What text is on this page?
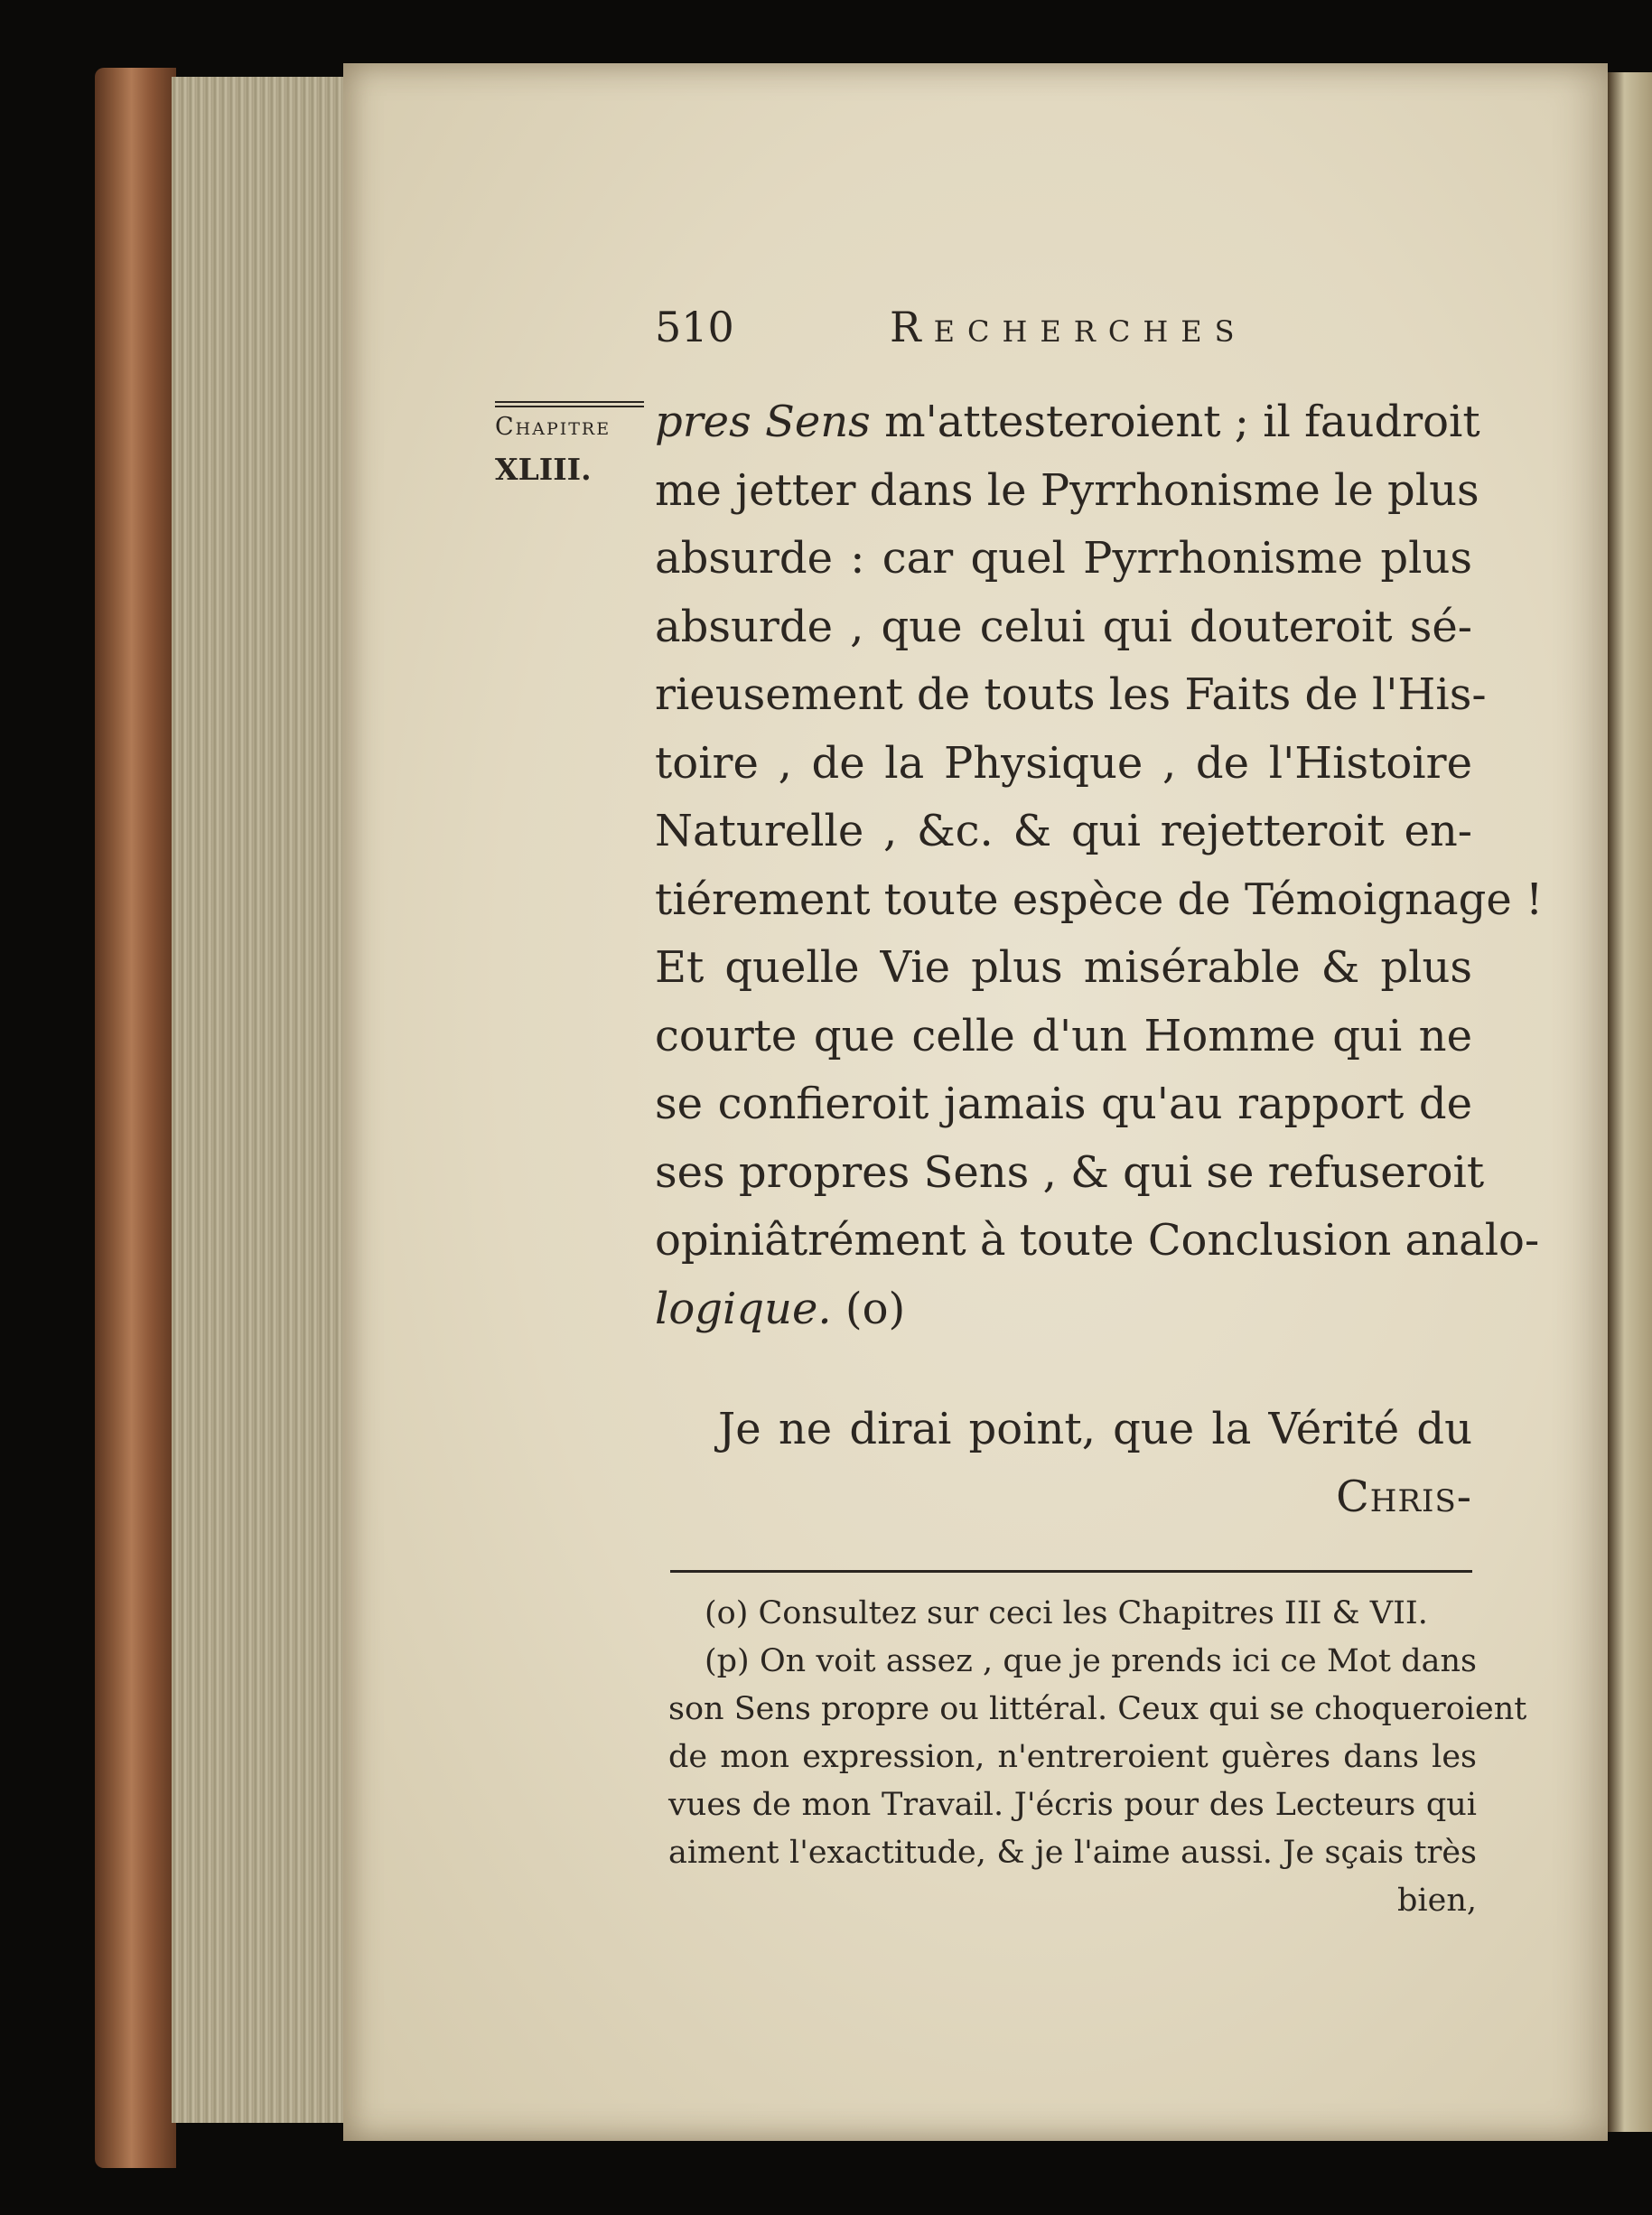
510	Recherches
Chapitre
XLIII.
pres Sens m'attesteroient ; il faudroit
me jetter dans le Pyrrhonisme le plus
absurde : car quel Pyrrhonisme plus
absurde , que celui qui douteroit sé-
rieusement de touts les Faits de l'His-
toire , de la Physique , de l'Histoire
Naturelle , &c. & qui rejetteroit en-
tiérement toute espèce de Témoignage !
Et quelle Vie plus misérable & plus
courte que celle d'un Homme qui ne
se confieroit jamais qu'au rapport de
ses propres Sens , & qui se refuseroit
opiniâtrément à toute Conclusion analo-
logique. (o)
Je ne dirai point, que la Vérité du
Chris-
(o) Consultez sur ceci les Chapitres III & VII.
(p) On voit assez , que je prends ici ce Mot dans
son Sens propre ou littéral. Ceux qui se choqueroient
de mon expression, n'entreroient guères dans les
vues de mon Travail. J'écris pour des Lecteurs qui
aiment l'exactitude, & je l'aime aussi. Je sçais très
bien,
